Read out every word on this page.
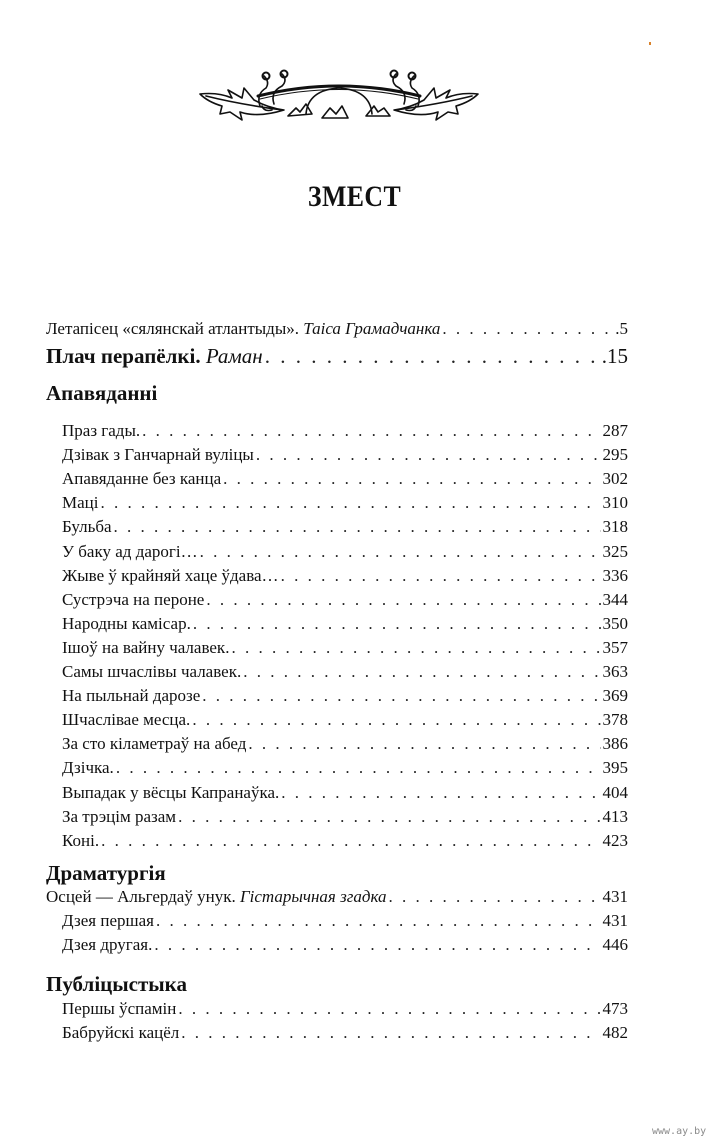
ЗМЕСТ
Летапісец «сялянскай атлантыды». Таіса Грамадчанка . . .	.5
Плач перапёлкі. Раман . . .	.15
Апавяданні
Праз гады. . . .	287
Дзівак з Ганчарнай вуліцы . . .	295
Апавяданне без канца . . .	302
Маці . . .	310
Бульба . . .	318
У баку ад дарогі… . . .	325
Жыве ў крайняй хаце ўдава… . . .	336
Сустрэча на пероне . . .	344
Народны камісар. . . .	350
Ішоў на вайну чалавек. . . .	357
Самы шчаслівы чалавек. . . .	363
На пыльнай дарозе . . .	369
Шчаслівае месца. . . .	378
За сто кіламетраў на абед . . .	386
Дзічка. . . .	395
Выпадак у вёсцы Капранаўка. . . .	404
За трэцім разам . . .	413
Коні. . . .	423
Драматургія
Осцей — Альгердаў унук. Гістарычная згадка . . .	431
Дзея першая . . .	431
Дзея другая. . . .	446
Публіцыстыка
Першы ўспамін . . .	473
Бабруйскі кацёл . . .	482
www.ay.by
